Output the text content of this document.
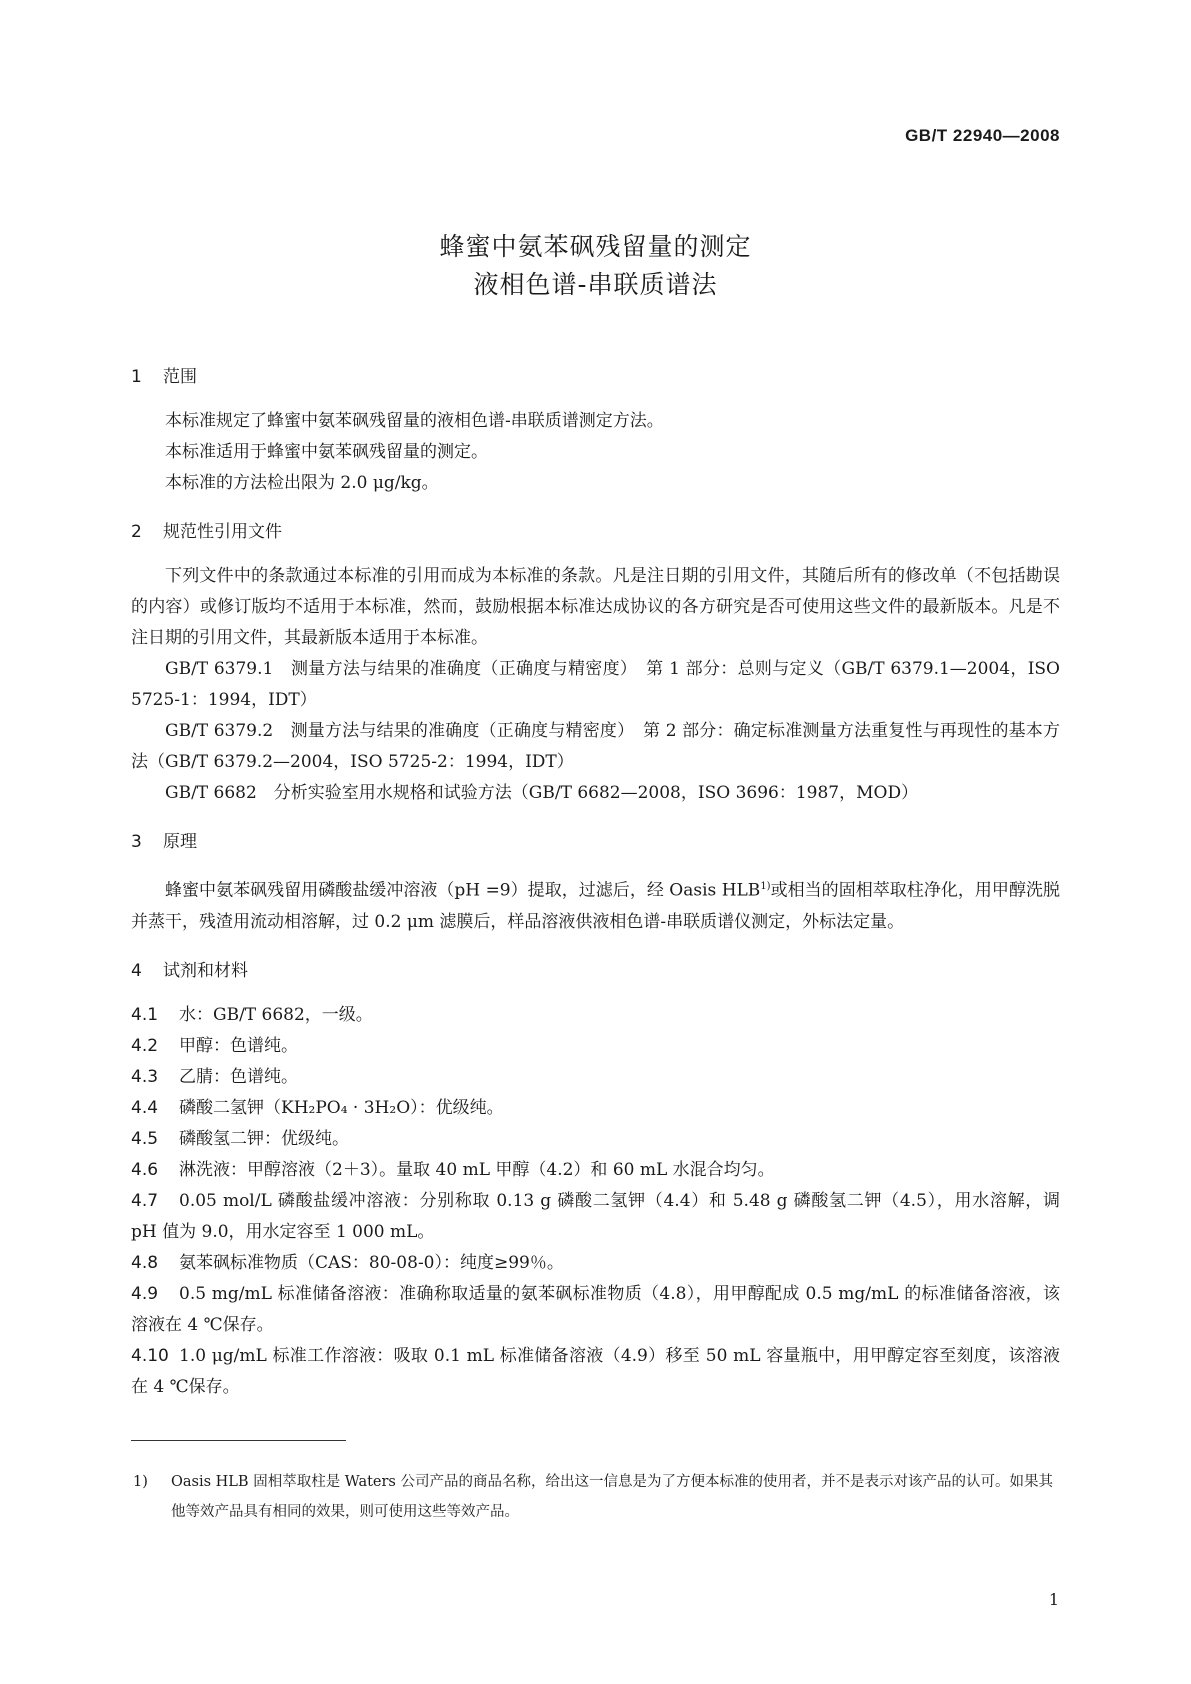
GB/T 22940—2008
蜂蜜中氨苯砜残留量的测定
液相色谱-串联质谱法
1 范围

本标准规定了蜂蜜中氨苯砜残留量的液相色谱-串联质谱测定方法。

本标准适用于蜂蜜中氨苯砜残留量的测定。

本标准的方法检出限为 2.0 μg/kg。

2 规范性引用文件

下列文件中的条款通过本标准的引用而成为本标准的条款。凡是注日期的引用文件，其随后所有的修改单（不包括勘误的内容）或修订版均不适用于本标准，然而，鼓励根据本标准达成协议的各方研究是否可使用这些文件的最新版本。凡是不注日期的引用文件，其最新版本适用于本标准。

GB/T 6379.1　测量方法与结果的准确度（正确度与精密度）　第 1 部分：总则与定义（GB/T 6379.1—2004，ISO 5725-1：1994，IDT）

GB/T 6379.2　测量方法与结果的准确度（正确度与精密度）　第 2 部分：确定标准测量方法重复性与再现性的基本方法（GB/T 6379.2—2004，ISO 5725-2：1994，IDT）

GB/T 6682　分析实验室用水规格和试验方法（GB/T 6682—2008，ISO 3696：1987，MOD）

3 原理

蜂蜜中氨苯砜残留用磷酸盐缓冲溶液（pH =9）提取，过滤后，经 Oasis HLB$^{1)}$或相当的固相萃取柱净化，用甲醇洗脱并蒸干，残渣用流动相溶解，过 0.2 μm 滤膜后，样品溶液供液相色谱-串联质谱仪测定，外标法定量。

4 试剂和材料

4.1 水：GB/T 6682，一级。

4.2 甲醇：色谱纯。

4.3 乙腈：色谱纯。

4.4 磷酸二氢钾（KH₂PO₄ · 3H₂O）：优级纯。

4.5 磷酸氢二钾：优级纯。

4.6 淋洗液：甲醇溶液（2＋3）。量取 40 mL 甲醇（4.2）和 60 mL 水混合均匀。

4.7 0.05 mol/L 磷酸盐缓冲溶液：分别称取 0.13 g 磷酸二氢钾（4.4）和 5.48 g 磷酸氢二钾（4.5），用水溶解，调 pH 值为 9.0，用水定容至 1 000 mL。

4.8 氨苯砜标准物质（CAS：80-08-0）：纯度≥99％。

4.9 0.5 mg/mL 标准储备溶液：准确称取适量的氨苯砜标准物质（4.8），用甲醇配成 0.5 mg/mL 的标准储备溶液，该溶液在 4 ℃保存。

4.10 1.0 μg/mL 标准工作溶液：吸取 0.1 mL 标准储备溶液（4.9）移至 50 mL 容量瓶中，用甲醇定容至刻度，该溶液在 4 ℃保存。

1) Oasis HLB 固相萃取柱是 Waters 公司产品的商品名称，给出这一信息是为了方便本标准的使用者，并不是表示对该产品的认可。如果其他等效产品具有相同的效果，则可使用这些等效产品。
1
